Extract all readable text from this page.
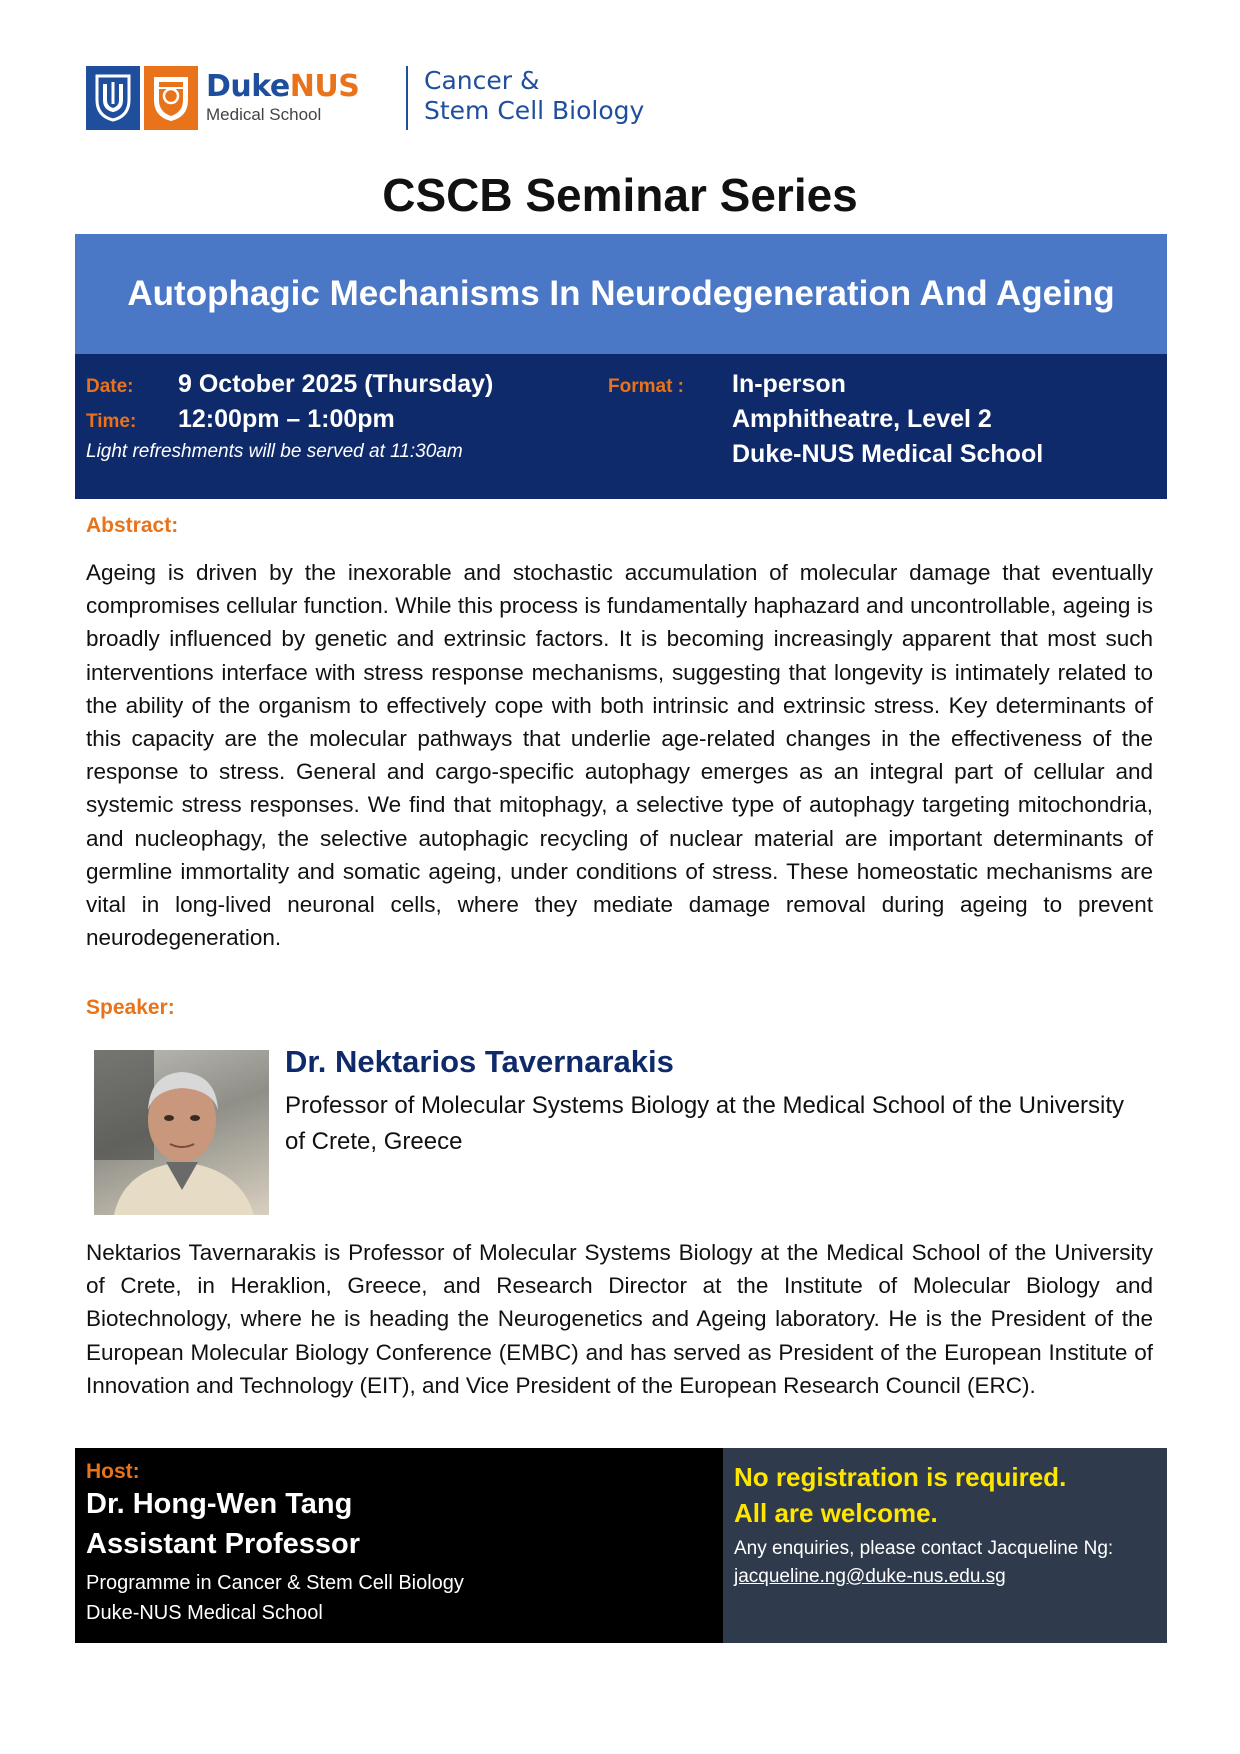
DukeNUS
Medical School
Cancer &
Stem Cell Biology
CSCB Seminar Series
Autophagic Mechanisms In Neurodegeneration And Ageing
Date: 9 October 2025 (Thursday)
Time: 12:00pm – 1:00pm
Light refreshments will be served at 11:30am
Format : In-person
Amphitheatre, Level 2
Duke-NUS Medical School
Abstract:

Ageing is driven by the inexorable and stochastic accumulation of molecular damage that eventually compromises cellular function. While this process is fundamentally haphazard and uncontrollable, ageing is broadly influenced by genetic and extrinsic factors. It is becoming increasingly apparent that most such interventions interface with stress response mechanisms, suggesting that longevity is intimately related to the ability of the organism to effectively cope with both intrinsic and extrinsic stress. Key determinants of this capacity are the molecular pathways that underlie age-related changes in the effectiveness of the response to stress. General and cargo-specific autophagy emerges as an integral part of cellular and systemic stress responses. We find that mitophagy, a selective type of autophagy targeting mitochondria, and nucleophagy, the selective autophagic recycling of nuclear material are important determinants of germline immortality and somatic ageing, under conditions of stress. These homeostatic mechanisms are vital in long-lived neuronal cells, where they mediate damage removal during ageing to prevent neurodegeneration.

Speaker:
Dr. Nektarios Tavernarakis

Professor of Molecular Systems Biology at the Medical School of the University of Crete, Greece

Nektarios Tavernarakis is Professor of Molecular Systems Biology at the Medical School of the University of Crete, in Heraklion, Greece, and Research Director at the Institute of Molecular Biology and Biotechnology, where he is heading the Neurogenetics and Ageing laboratory. He is the President of the European Molecular Biology Conference (EMBC) and has served as President of the European Institute of Innovation and Technology (EIT), and Vice President of the European Research Council (ERC).

Host:
Dr. Hong-Wen Tang
Assistant Professor
Programme in Cancer & Stem Cell Biology
Duke-NUS Medical School
No registration is required.
All are welcome.
Any enquiries, please contact Jacqueline Ng:
jacqueline.ng@duke-nus.edu.sg
